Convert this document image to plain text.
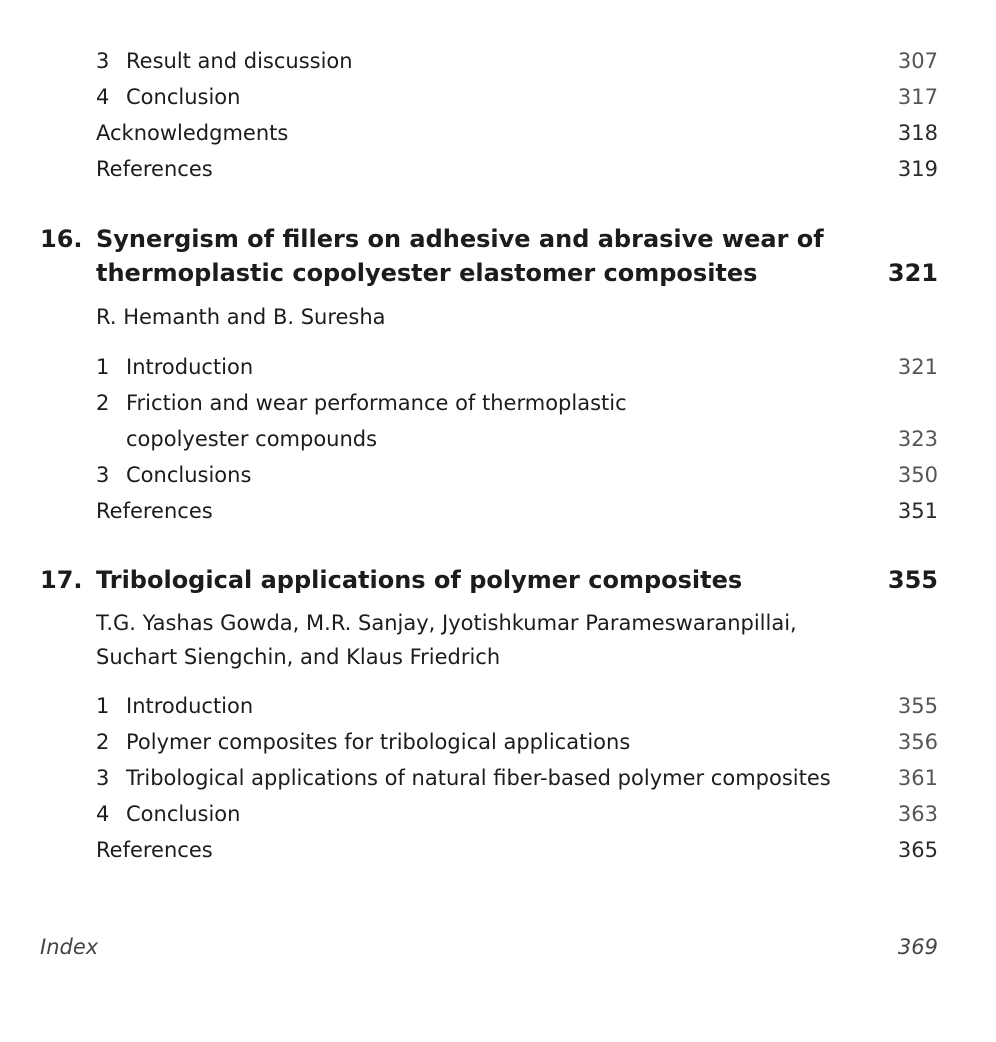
3 Result and discussion	307
4 Conclusion	317
Acknowledgments	318
References	319
16. Synergism of fillers on adhesive and abrasive wear of
thermoplastic copolyester elastomer composites	321
R. Hemanth and B. Suresha
1 Introduction	321
2 Friction and wear performance of thermoplastic
copolyester compounds	323
3 Conclusions	350
References	351
17. Tribological applications of polymer composites	355
T.G. Yashas Gowda, M.R. Sanjay, Jyotishkumar Parameswaranpillai,
Suchart Siengchin, and Klaus Friedrich
1 Introduction	355
2 Polymer composites for tribological applications	356
3 Tribological applications of natural fiber-based polymer composites	361
4 Conclusion	363
References	365
Index	369
